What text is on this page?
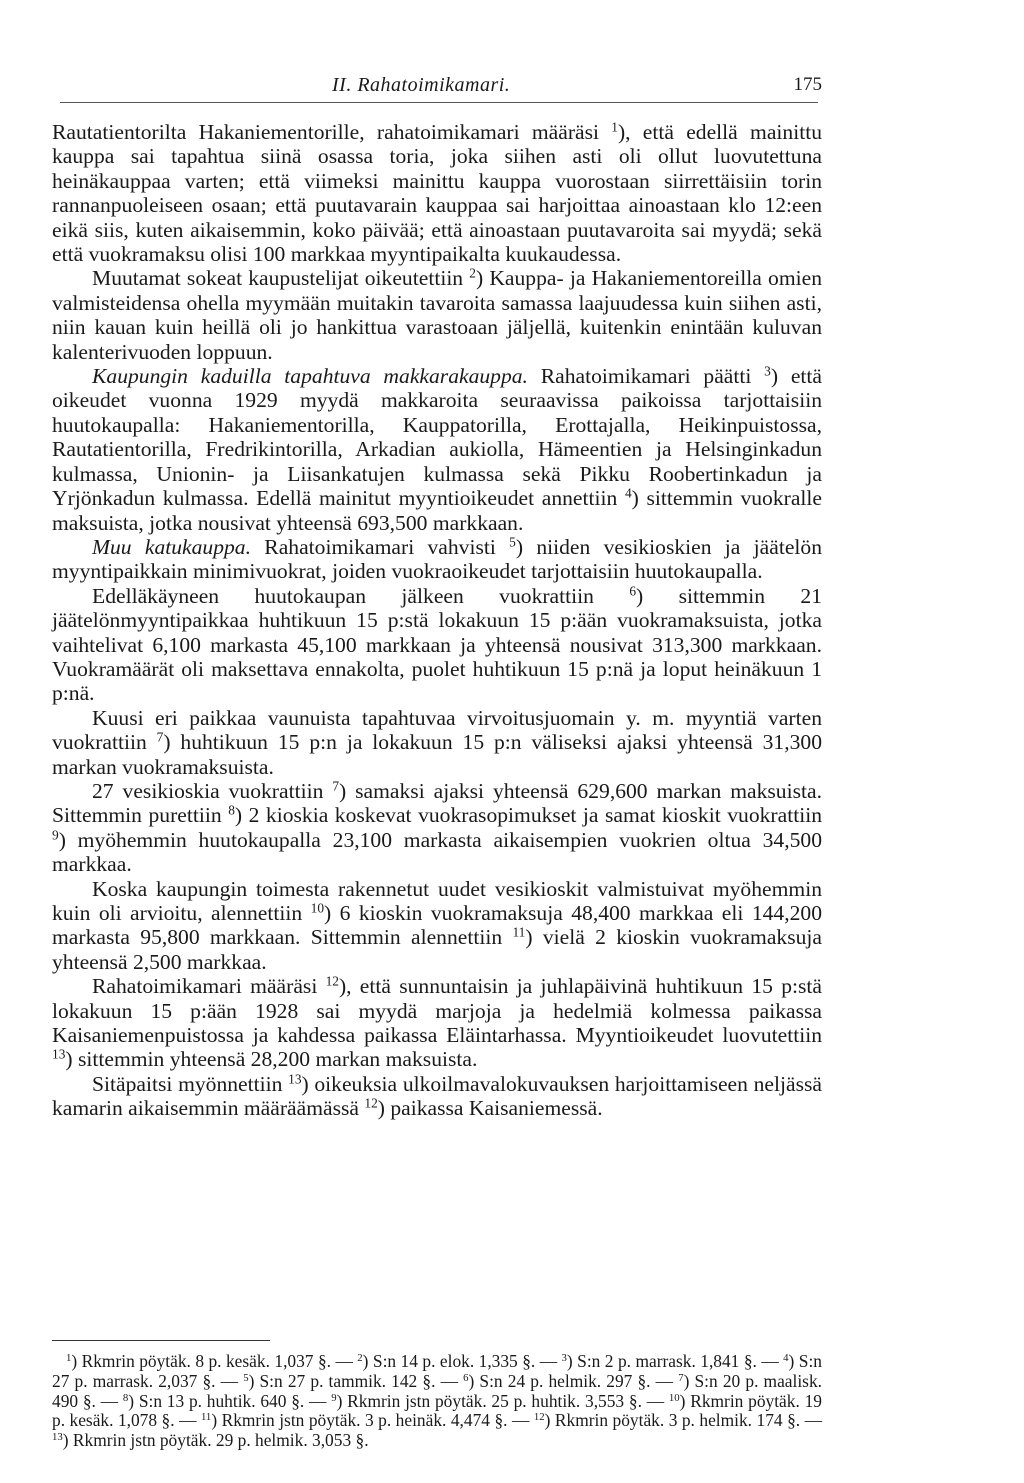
II. Rahatoimikamari.	175

Rautatientorilta Hakaniementorille, rahatoimikamari määräsi $^1$), että edellä mainittu kauppa sai tapahtua siinä osassa toria, joka siihen asti oli ollut luovutettuna heinäkauppaa varten; että viimeksi mainittu kauppa vuorostaan siirrettäisiin torin rannanpuoleiseen osaan; että puutavarain kauppaa sai harjoittaa ainoastaan klo 12:een eikä siis, kuten aikaisemmin, koko päivää; että ainoastaan puutavaroita sai myydä; sekä että vuokramaksu olisi 100 markkaa myyntipaikalta kuukaudessa.

Muutamat sokeat kaupustelijat oikeutettiin $^2$) Kauppa- ja Hakaniementoreilla omien valmisteidensa ohella myymään muitakin tavaroita samassa laajuudessa kuin siihen asti, niin kauan kuin heillä oli jo hankittua varastoaan jäljellä, kuitenkin enintään kuluvan kalenterivuoden loppuun.

Kaupungin kaduilla tapahtuva makkarakauppa. Rahatoimikamari päätti $^3$) että oikeudet vuonna 1929 myydä makkaroita seuraavissa paikoissa tarjottaisiin huutokaupalla: Hakaniementorilla, Kauppatorilla, Erottajalla, Heikinpuistossa, Rautatientorilla, Fredrikintorilla, Arkadian aukiolla, Hämeentien ja Helsinginkadun kulmassa, Unionin- ja Liisankatujen kulmassa sekä Pikku Roobertinkadun ja Yrjönkadun kulmassa. Edellä mainitut myyntioikeudet annettiin $^4$) sittemmin vuokralle maksuista, jotka nousivat yhteensä 693,500 markkaan.

Muu katukauppa. Rahatoimikamari vahvisti $^5$) niiden vesikioskien ja jäätelön myyntipaikkain minimivuokrat, joiden vuokraoikeudet tarjottaisiin huutokaupalla.

Edelläkäyneen huutokaupan jälkeen vuokrattiin $^6$) sittemmin 21 jäätelönmyyntipaikkaa huhtikuun 15 p:stä lokakuun 15 p:ään vuokramaksuista, jotka vaihtelivat 6,100 markasta 45,100 markkaan ja yhteensä nousivat 313,300 markkaan. Vuokramäärät oli maksettava ennakolta, puolet huhtikuun 15 p:nä ja loput heinäkuun 1 p:nä.

Kuusi eri paikkaa vaunuista tapahtuvaa virvoitusjuomain y. m. myyntiä varten vuokrattiin $^7$) huhtikuun 15 p:n ja lokakuun 15 p:n väliseksi ajaksi yhteensä 31,300 markan vuokramaksuista.

27 vesikioskia vuokrattiin $^7$) samaksi ajaksi yhteensä 629,600 markan maksuista. Sittemmin purettiin $^8$) 2 kioskia koskevat vuokrasopimukset ja samat kioskit vuokrattiin $^9$) myöhemmin huutokaupalla 23,100 markasta aikaisempien vuokrien oltua 34,500 markkaa.

Koska kaupungin toimesta rakennetut uudet vesikioskit valmistuivat myöhemmin kuin oli arvioitu, alennettiin $^{10}$) 6 kioskin vuokramaksuja 48,400 markkaa eli 144,200 markasta 95,800 markkaan. Sittemmin alennettiin $^{11}$) vielä 2 kioskin vuokramaksuja yhteensä 2,500 markkaa.

Rahatoimikamari määräsi $^{12}$), että sunnuntaisin ja juhlapäivinä huhtikuun 15 p:stä lokakuun 15 p:ään 1928 sai myydä marjoja ja hedelmiä kolmessa paikassa Kaisaniemenpuistossa ja kahdessa paikassa Eläintarhassa. Myyntioikeudet luovutettiin $^{13}$) sittemmin yhteensä 28,200 markan maksuista.

Sitäpaitsi myönnettiin $^{13}$) oikeuksia ulkoilmavalokuvauksen harjoittamiseen neljässä kamarin aikaisemmin määräämässä $^{12}$) paikassa Kaisaniemessä.

$^1$) Rkmrin pöytäk. 8 p. kesäk. 1,037 §. — $^2$) S:n 14 p. elok. 1,335 §. — $^3$) S:n 2 p. marrask. 1,841 §. — $^4$) S:n 27 p. marrask. 2,037 §. — $^5$) S:n 27 p. tammik. 142 §. — $^6$) S:n 24 p. helmik. 297 §. — $^7$) S:n 20 p. maalisk. 490 §. — $^8$) S:n 13 p. huhtik. 640 §. — $^9$) Rkmrin jstn pöytäk. 25 p. huhtik. 3,553 §. — $^{10}$) Rkmrin pöytäk. 19 p. kesäk. 1,078 §. — $^{11}$) Rkmrin jstn pöytäk. 3 p. heinäk. 4,474 §. — $^{12}$) Rkmrin pöytäk. 3 p. helmik. 174 §. — $^{13}$) Rkmrin jstn pöytäk. 29 p. helmik. 3,053 §.
